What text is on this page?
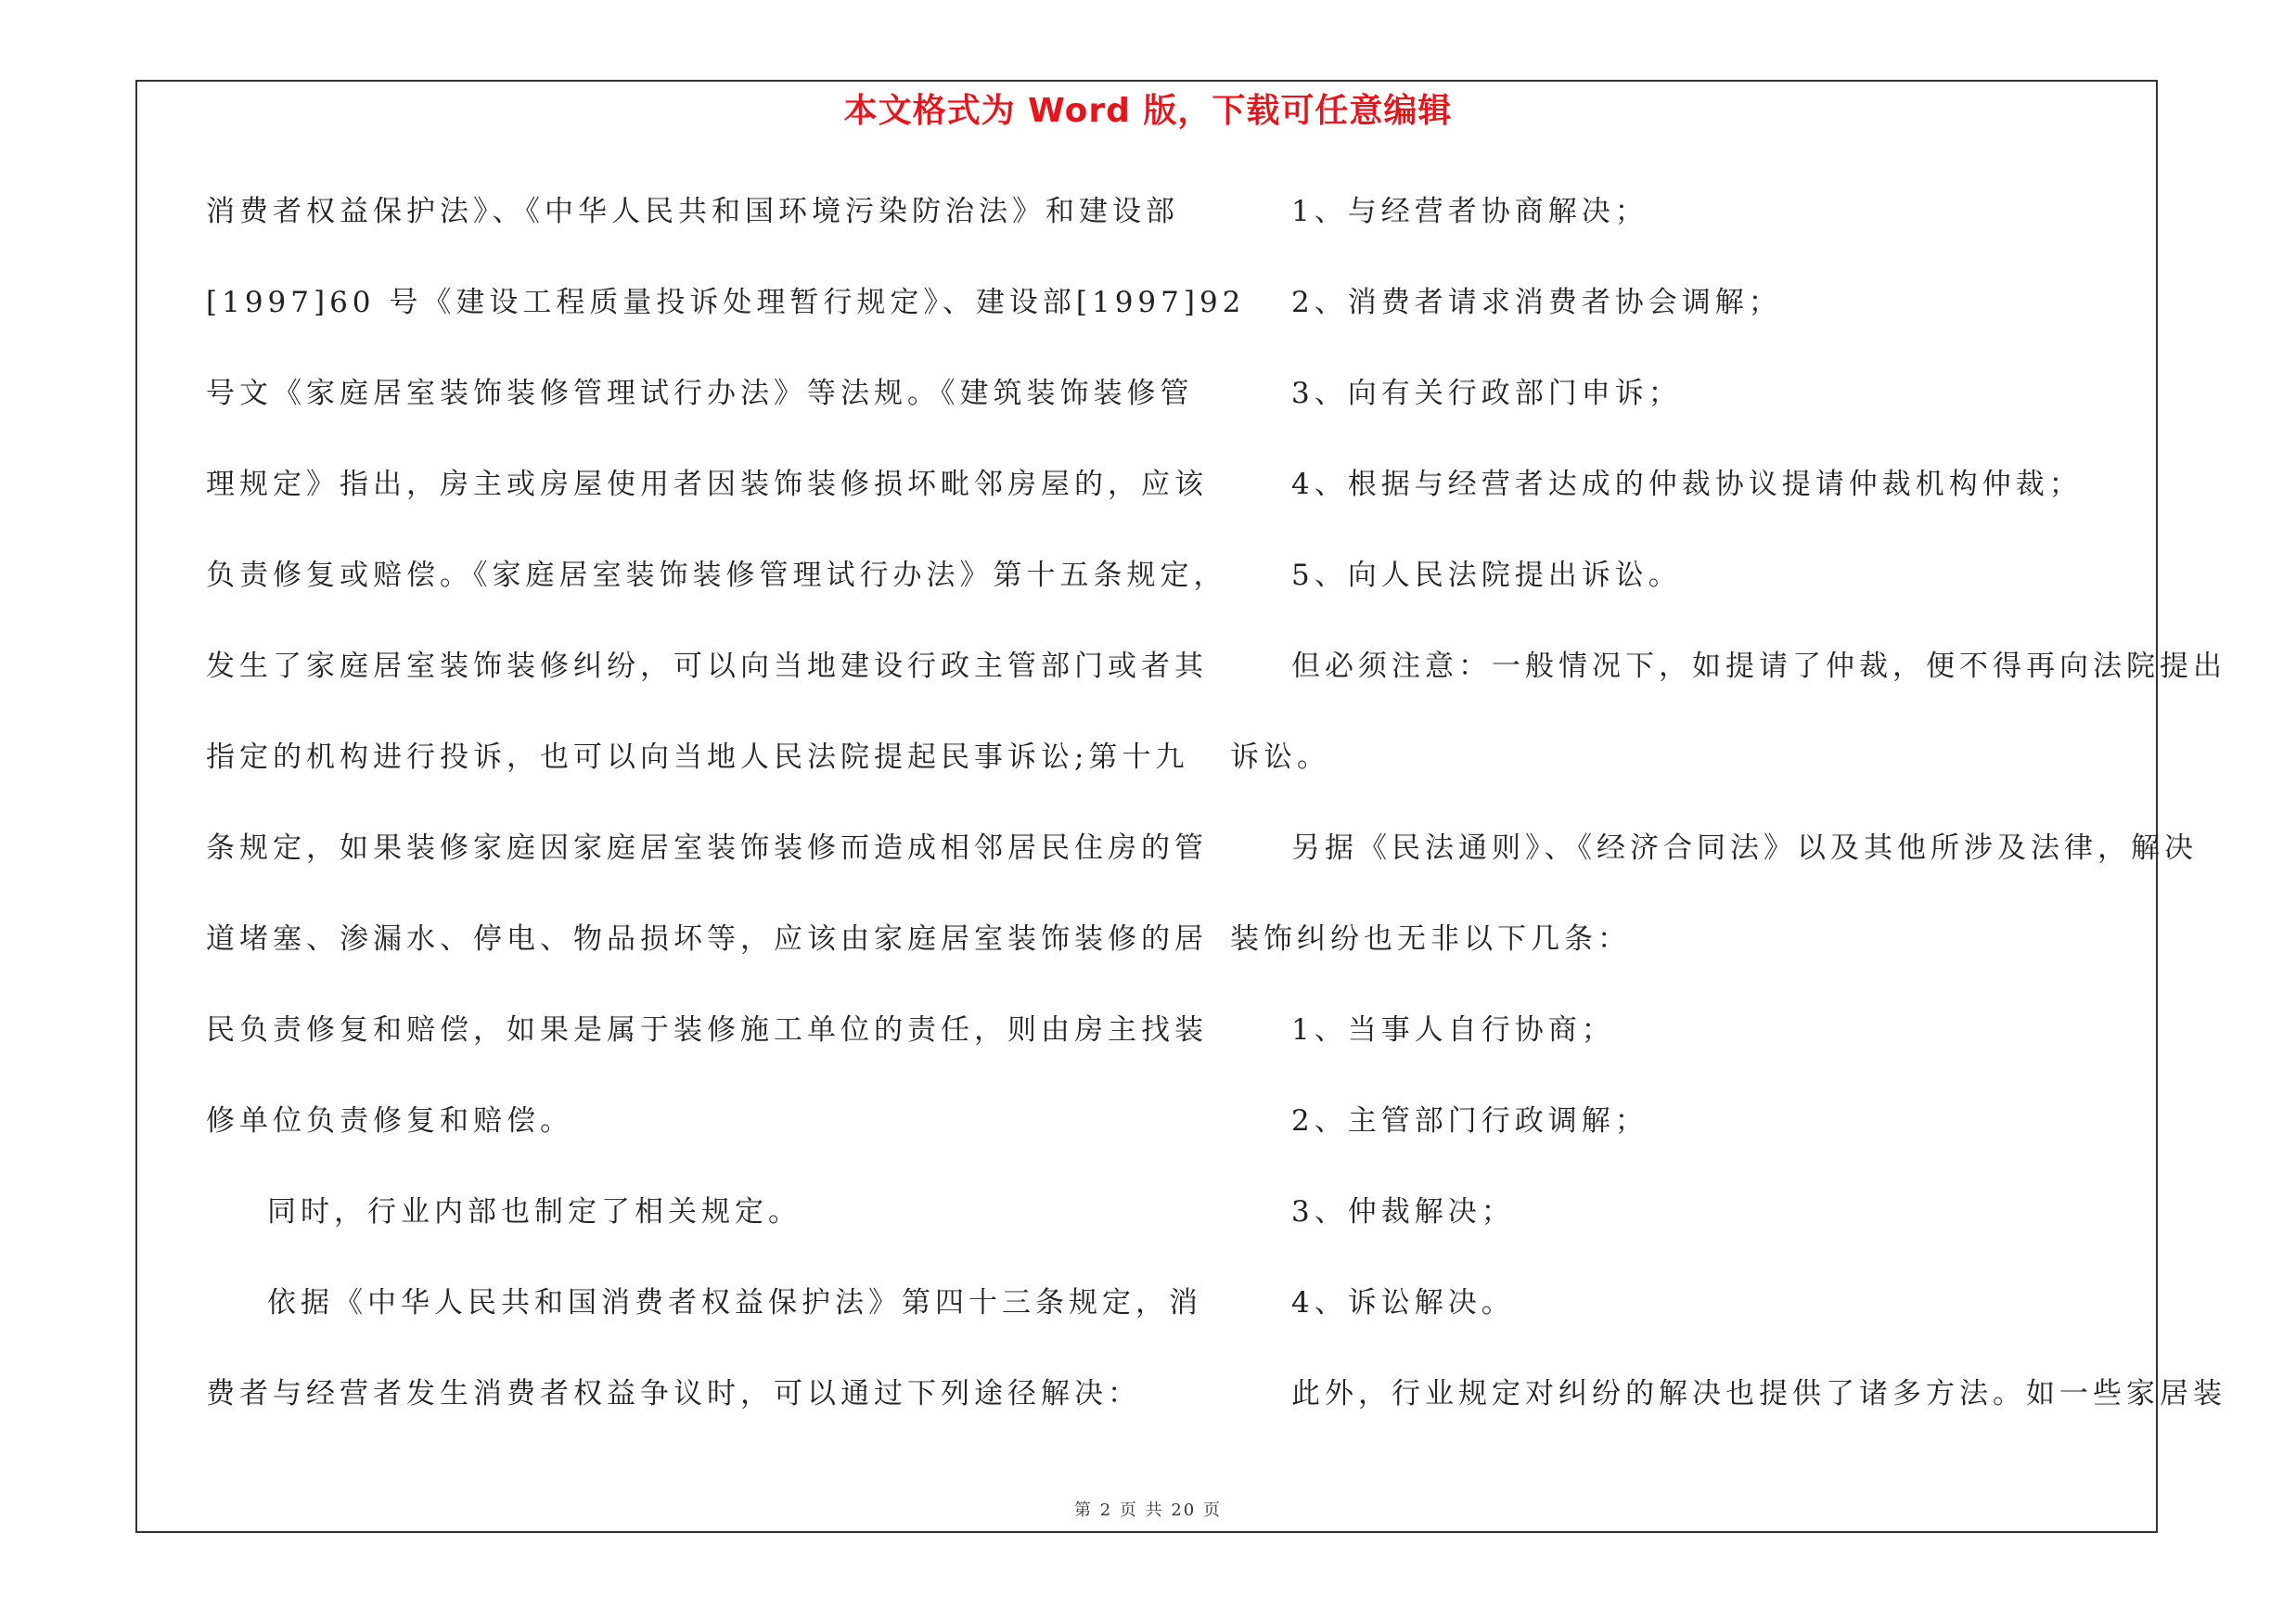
本文格式为 Word 版，下载可任意编辑
消费者权益保护法》、《中华人民共和国环境污染防治法》和建设部
[1997]60 号《建设工程质量投诉处理暂行规定》、建设部[1997]92
号文《家庭居室装饰装修管理试行办法》等法规。《建筑装饰装修管
理规定》指出，房主或房屋使用者因装饰装修损坏毗邻房屋的，应该
负责修复或赔偿。《家庭居室装饰装修管理试行办法》第十五条规定，
发生了家庭居室装饰装修纠纷，可以向当地建设行政主管部门或者其
指定的机构进行投诉，也可以向当地人民法院提起民事诉讼;第十九
条规定，如果装修家庭因家庭居室装饰装修而造成相邻居民住房的管
道堵塞、渗漏水、停电、物品损坏等，应该由家庭居室装饰装修的居
民负责修复和赔偿，如果是属于装修施工单位的责任，则由房主找装
修单位负责修复和赔偿。
同时，行业内部也制定了相关规定。
依据《中华人民共和国消费者权益保护法》第四十三条规定，消
费者与经营者发生消费者权益争议时，可以通过下列途径解决：
1、与经营者协商解决；
2、消费者请求消费者协会调解；
3、向有关行政部门申诉；
4、根据与经营者达成的仲裁协议提请仲裁机构仲裁；
5、向人民法院提出诉讼。
但必须注意：一般情况下，如提请了仲裁，便不得再向法院提出
诉讼。
另据《民法通则》、《经济合同法》以及其他所涉及法律，解决
装饰纠纷也无非以下几条：
1、当事人自行协商；
2、主管部门行政调解；
3、仲裁解决；
4、诉讼解决。
此外，行业规定对纠纷的解决也提供了诸多方法。如一些家居装
第 2 页 共 20 页
